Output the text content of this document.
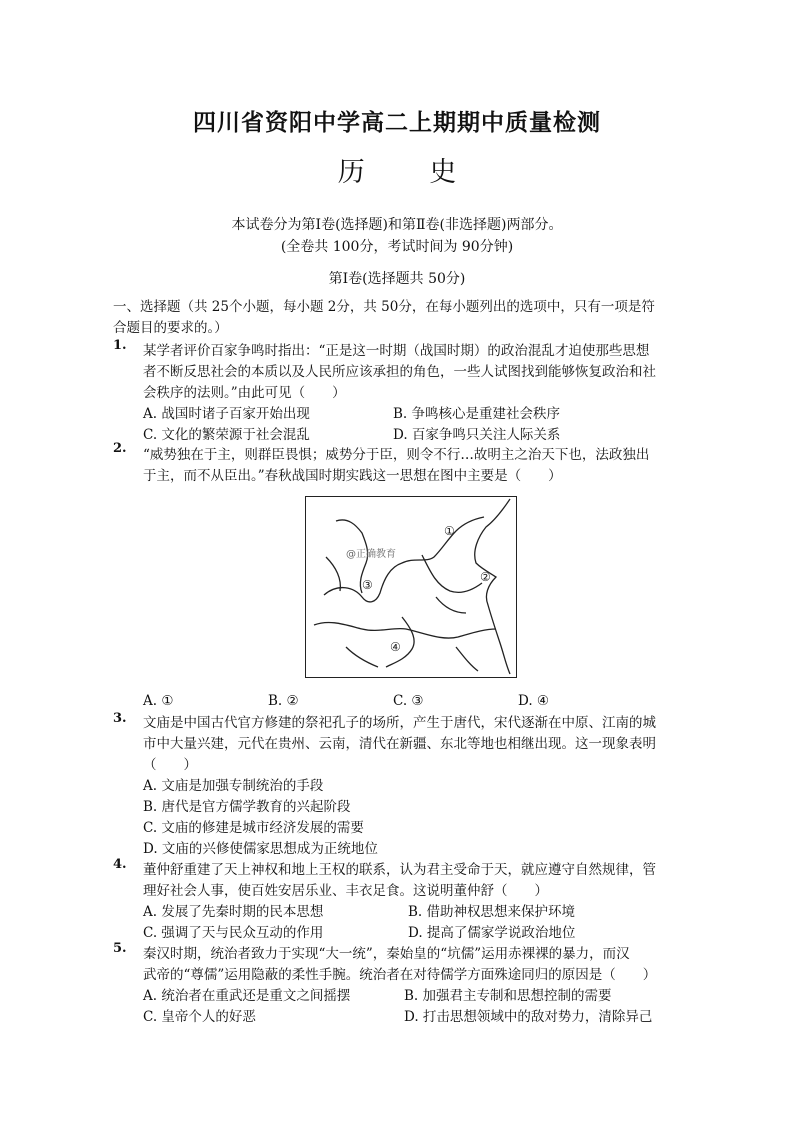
四川省资阳中学高二上期期中质量检测
历 史
本试卷分为第Ⅰ卷(选择题)和第Ⅱ卷(非选择题)两部分。
(全卷共 100分，考试时间为 90分钟)
第Ⅰ卷(选择题共 50分)
一、选择题（共 25个小题，每小题 2分，共 50分，在每小题列出的选项中，只有一项是符
合题目的要求的。）
1. 某学者评价百家争鸣时指出：“正是这一时期（战国时期）的政治混乱才迫使那些思想
者不断反思社会的本质以及人民所应该承担的角色，一些人试图找到能够恢复政治和社
会秩序的法则。”由此可见（　　）
A. 战国时诸子百家开始出现	B. 争鸣核心是重建社会秩序
C. 文化的繁荣源于社会混乱	D. 百家争鸣只关注人际关系
2. “威势独在于主，则群臣畏惧；威势分于臣，则令不行…故明主之治天下也，法政独出
于主，而不从臣出。”春秋战国时期实践这一思想在图中主要是（　　）
①
②
③
④
@正确教育
A. ①	B. ②	C. ③	D. ④
3. 文庙是中国古代官方修建的祭祀孔子的场所，产生于唐代，宋代逐渐在中原、江南的城
市中大量兴建，元代在贵州、云南，清代在新疆、东北等地也相继出现。这一现象表明
（　　）
A. 文庙是加强专制统治的手段
B. 唐代是官方儒学教育的兴起阶段
C. 文庙的修建是城市经济发展的需要
D. 文庙的兴修使儒家思想成为正统地位
4. 董仲舒重建了天上神权和地上王权的联系，认为君主受命于天，就应遵守自然规律，管
理好社会人事，使百姓安居乐业、丰衣足食。这说明董仲舒（　　）
A. 发展了先秦时期的民本思想	B. 借助神权思想来保护环境
C. 强调了天与民众互动的作用	D. 提高了儒家学说政治地位
5. 秦汉时期，统治者致力于实现“大一统”，秦始皇的“坑儒”运用赤裸裸的暴力，而汉
武帝的“尊儒”运用隐蔽的柔性手腕。统治者在对待儒学方面殊途同归的原因是（　　）
A. 统治者在重武还是重文之间摇摆	B. 加强君主专制和思想控制的需要
C. 皇帝个人的好恶	D. 打击思想领域中的敌对势力，清除异己
